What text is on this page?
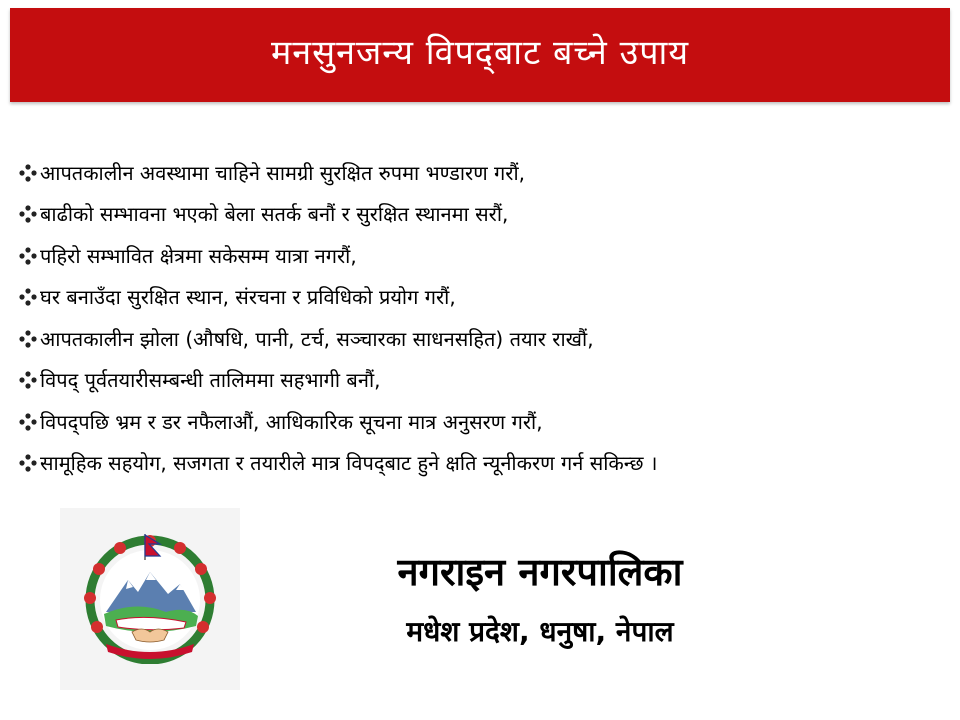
मनसुनजन्य विपद्‌बाट बच्ने उपाय
आपतकालीन अवस्थामा चाहिने सामग्री सुरक्षित रुपमा भण्डारण गरौं,
बाढीको सम्भावना भएको बेला सतर्क बनौं र सुरक्षित स्थानमा सरौं,
पहिरो सम्भावित क्षेत्रमा सकेसम्म यात्रा नगरौं,
घर बनाउँदा सुरक्षित स्थान, संरचना र प्रविधिको प्रयोग गरौं,
आपतकालीन झोला (औषधि, पानी, टर्च, सञ्चारका साधनसहित) तयार राखौं,
विपद्‌ पूर्वतयारीसम्बन्धी तालिममा सहभागी बनौं,
विपद्‌पछि भ्रम र डर नफैलाऔं, आधिकारिक सूचना मात्र अनुसरण गरौं,
सामूहिक सहयोग, सजगता र तयारीले मात्र विपद्‌बाट हुने क्षति न्यूनीकरण गर्न सकिन्छ ।
नगराइन नगरपालिका
मधेश प्रदेश, धनुषा, नेपाल
